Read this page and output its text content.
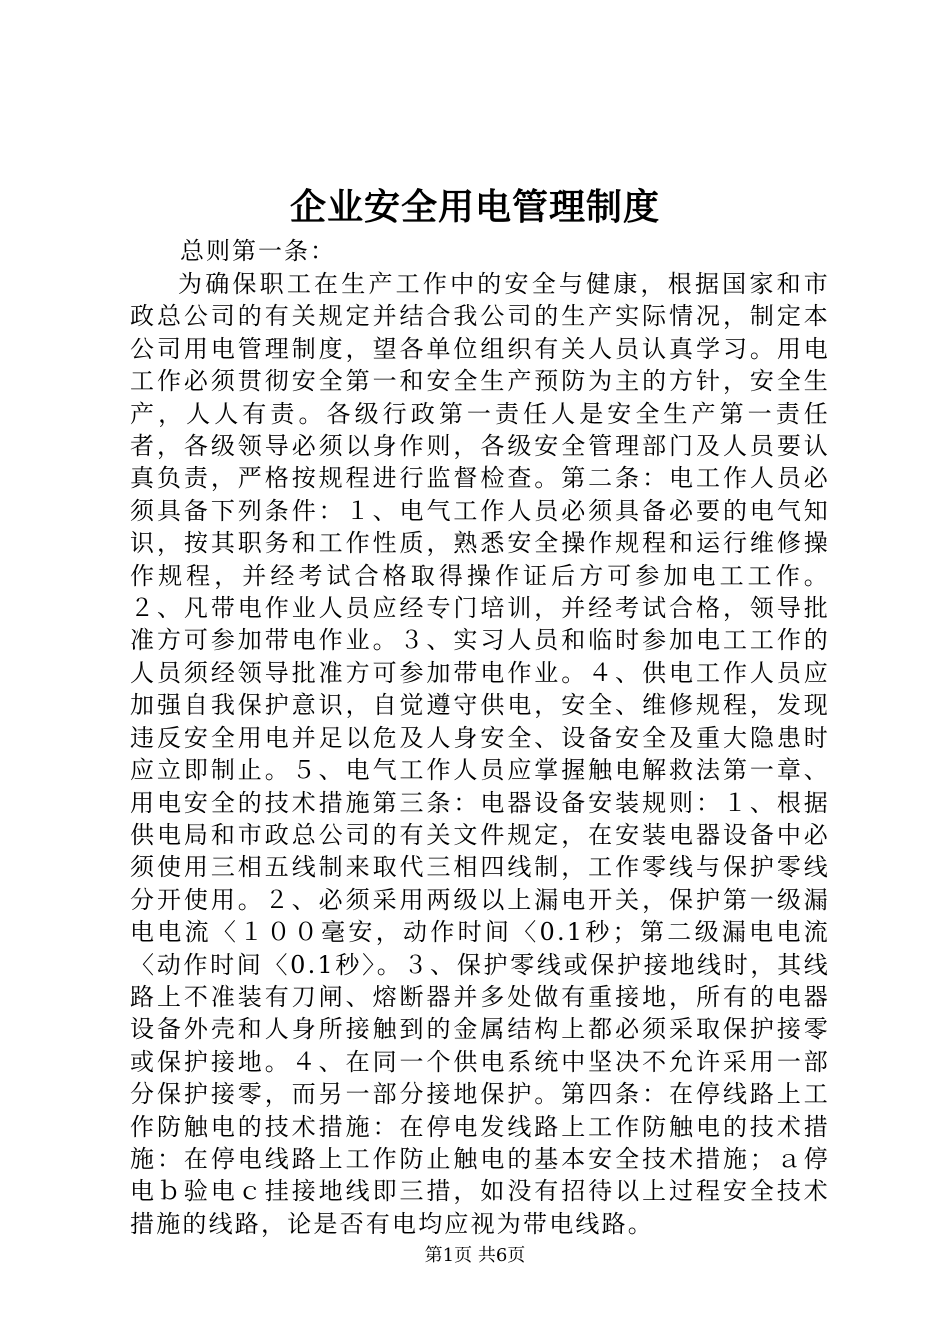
企业安全用电管理制度

总则第一条：

为确保职工在生产工作中的安全与健康，根据国家和市政总公司的有关规定并结合我公司的生产实际情况，制定本公司用电管理制度，望各单位组织有关人员认真学习。用电工作必须贯彻安全第一和安全生产预防为主的方针，安全生产，人人有责。各级行政第一责任人是安全生产第一责任者，各级领导必须以身作则，各级安全管理部门及人员要认真负责，严格按规程进行监督检查。第二条：电工作人员必须具备下列条件：１、电气工作人员必须具备必要的电气知识，按其职务和工作性质，熟悉安全操作规程和运行维修操作规程，并经考试合格取得操作证后方可参加电工工作。２、凡带电作业人员应经专门培训，并经考试合格，领导批准方可参加带电作业。３、实习人员和临时参加电工工作的人员须经领导批准方可参加带电作业。４、供电工作人员应加强自我保护意识，自觉遵守供电，安全、维修规程，发现违反安全用电并足以危及人身安全、设备安全及重大隐患时应立即制止。５、电气工作人员应掌握触电解救法第一章、用电安全的技术措施第三条：电器设备安装规则：１、根据供电局和市政总公司的有关文件规定，在安装电器设备中必须使用三相五线制来取代三相四线制，工作零线与保护零线分开使用。２、必须采用两级以上漏电开关，保护第一级漏电电流〈１００毫安，动作时间〈0.1秒；第二级漏电电流〈动作时间〈0.1秒〉。３、保护零线或保护接地线时，其线路上不准装有刀闸、熔断器并多处做有重接地，所有的电器设备外壳和人身所接触到的金属结构上都必须采取保护接零或保护接地。４、在同一个供电系统中坚决不允许采用一部分保护接零，而另一部分接地保护。第四条：在停线路上工作防触电的技术措施：在停电发线路上工作防触电的技术措施：在停电线路上工作防止触电的基本安全技术措施；ａ停电ｂ验电ｃ挂接地线即三措，如没有招待以上过程安全技术措施的线路，论是否有电均应视为带电线路。

第1页 共6页
